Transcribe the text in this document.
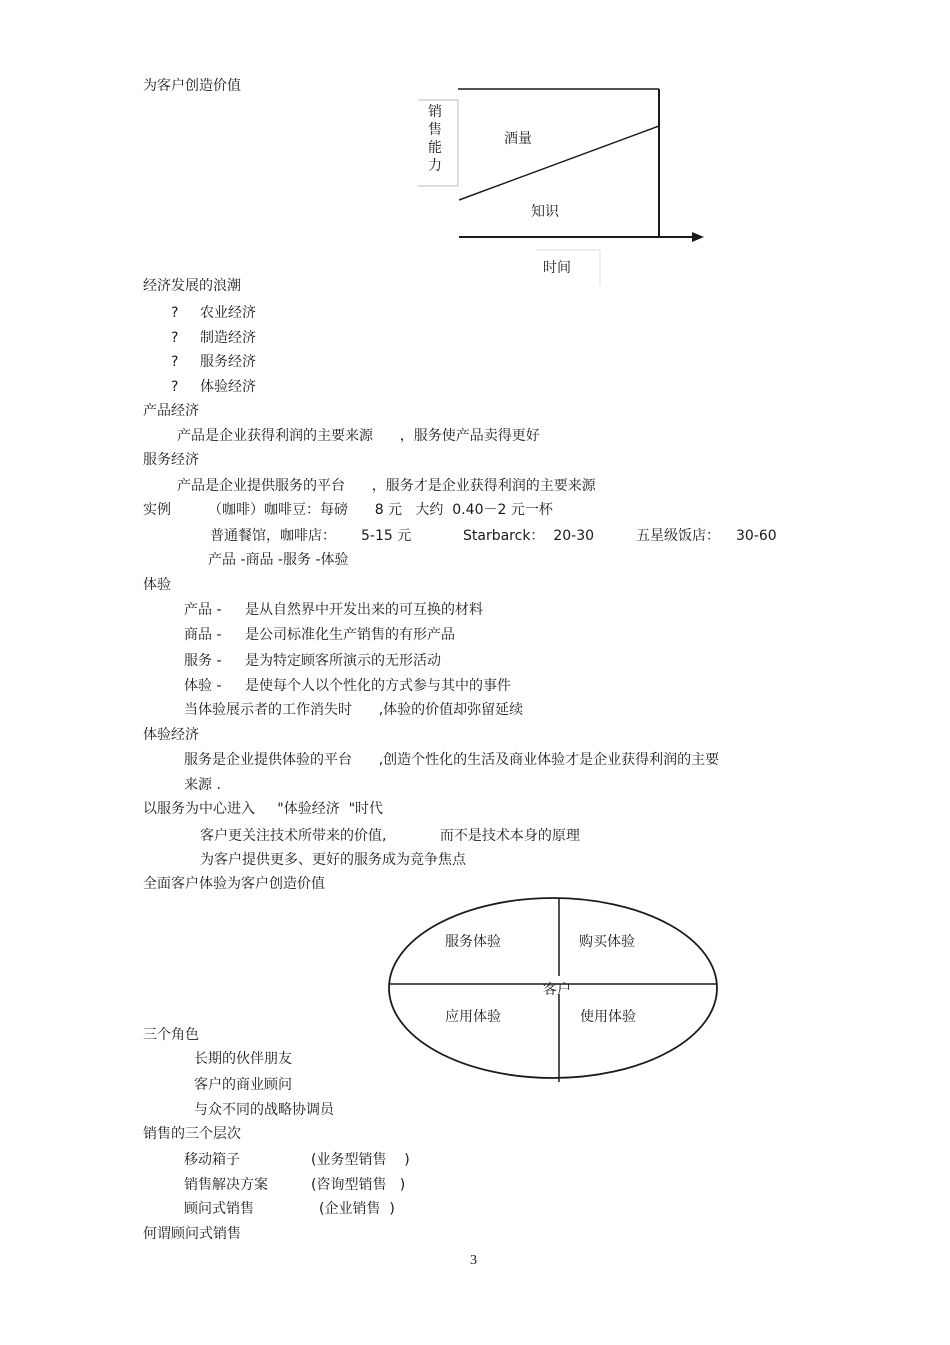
为客户创造价值
销
售
能
力
酒量
知识
时间
经济发展的浪潮
? 农业经济
? 制造经济
? 服务经济
? 体验经济
产品经济
产品是企业获得利润的主要来源      ，服务使产品卖得更好
服务经济
产品是企业提供服务的平台      ，服务才是企业获得利润的主要来源
实例	（咖啡）咖啡豆：每磅      8 元   大约  0.40－2 元一杯
普通餐馆，咖啡店： 5-15 元	Starbarck：  20-30	五星级饭店： 30-60
产品 -商品 -服务 -体验
体验
产品 - 是从自然界中开发出来的可互换的材料
商品 - 是公司标准化生产销售的有形产品
服务 - 是为特定顾客所演示的无形活动
体验 - 是使每个人以个性化的方式参与其中的事件
当体验展示者的工作消失时      ,体验的价值却弥留延续
体验经济
服务是企业提供体验的平台      ,创造个性化的生活及商业体验才是企业获得利润的主要
来源 .
以服务为中心进入     "体验经济  "时代
客户更关注技术所带来的价值,            而不是技术本身的原理
为客户提供更多、更好的服务成为竞争焦点
全面客户体验为客户创造价值
服务体验	购买体验
客户
应用体验	使用体验
三个角色
长期的伙伴朋友
客户的商业顾问
与众不同的战略协调员
销售的三个层次
移动箱子	(业务型销售    )
销售解决方案	(咨询型销售   )
顾问式销售	(企业销售  )
何谓顾问式销售
3
